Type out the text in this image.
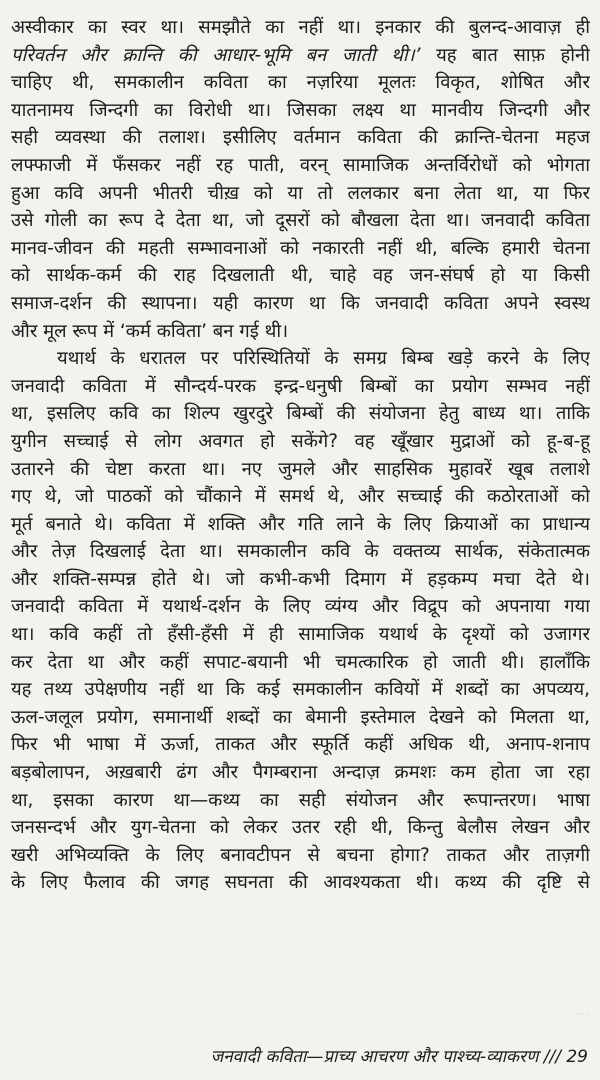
···
अस्वीकार का स्वर था। समझौते का नहीं था। इनकार की बुलन्द-आवाज़ ही
परिवर्तन और क्रान्ति की आधार-भूमि बन जाती थी।’ यह बात साफ़ होनी
चाहिए थी, समकालीन कविता का नज़रिया मूलतः विकृत, शोषित और
यातनामय जिन्दगी का विरोधी था। जिसका लक्ष्य था मानवीय जिन्दगी और
सही व्यवस्था की तलाश। इसीलिए वर्तमान कविता की क्रान्ति-चेतना महज
लफ्फाजी में फँसकर नहीं रह पाती, वरन् सामाजिक अन्तर्विरोधों को भोगता
हुआ कवि अपनी भीतरी चीख़ को या तो ललकार बना लेता था, या फिर
उसे गोली का रूप दे देता था, जो दूसरों को बौखला देता था। जनवादी कविता
मानव-जीवन की महती सम्भावनाओं को नकारती नहीं थी, बल्कि हमारी चेतना
को सार्थक-कर्म की राह दिखलाती थी, चाहे वह जन-संघर्ष हो या किसी
समाज-दर्शन की स्थापना। यही कारण था कि जनवादी कविता अपने स्वस्थ
और मूल रूप में ‘कर्म कविता’ बन गई थी।
यथार्थ के धरातल पर परिस्थितियों के समग्र बिम्ब खड़े करने के लिए
जनवादी कविता में सौन्दर्य-परक इन्द्र-धनुषी बिम्बों का प्रयोग सम्भव नहीं
था, इसलिए कवि का शिल्प खुरदुरे बिम्बों की संयोजना हेतु बाध्य था। ताकि
युगीन सच्चाई से लोग अवगत हो सकेंगे? वह खूँखार मुद्राओं को हू-ब-हू
उतारने की चेष्टा करता था। नए जुमले और साहसिक मुहावरें खूब तलाशे
गए थे, जो पाठकों को चौंकाने में समर्थ थे, और सच्चाई की कठोरताओं को
मूर्त बनाते थे। कविता में शक्ति और गति लाने के लिए क्रियाओं का प्राधान्य
और तेज़ दिखलाई देता था। समकालीन कवि के वक्तव्य सार्थक, संकेतात्मक
और शक्ति-सम्पन्न होते थे। जो कभी-कभी दिमाग में हड़कम्प मचा देते थे।
जनवादी कविता में यथार्थ-दर्शन के लिए व्यंग्य और विद्रूप को अपनाया गया
था। कवि कहीं तो हँसी-हँसी में ही सामाजिक यथार्थ के दृश्यों को उजागर
कर देता था और कहीं सपाट-बयानी भी चमत्कारिक हो जाती थी। हालाँकि
यह तथ्य उपेक्षणीय नहीं था कि कई समकालीन कवियों में शब्दों का अपव्यय,
ऊल-जलूल प्रयोग, समानार्थी शब्दों का बेमानी इस्तेमाल देखने को मिलता था,
फिर भी भाषा में ऊर्जा, ताकत और स्फूर्ति कहीं अधिक थी, अनाप-शनाप
बड़बोलापन, अख़बारी ढंग और पैगम्बराना अन्दाज़ क्रमशः कम होता जा रहा
था, इसका कारण था—कथ्य का सही संयोजन और रूपान्तरण। भाषा
जनसन्दर्भ और युग-चेतना को लेकर उतर रही थी, किन्तु बेलौस लेखन और
खरी अभिव्यक्ति के लिए बनावटीपन से बचना होगा? ताकत और ताज़गी
के लिए फैलाव की जगह सघनता की आवश्यकता थी। कथ्य की दृष्टि से
जनवादी कविता—प्राच्य आचरण और पाश्च्य-व्याकरण /// 29
